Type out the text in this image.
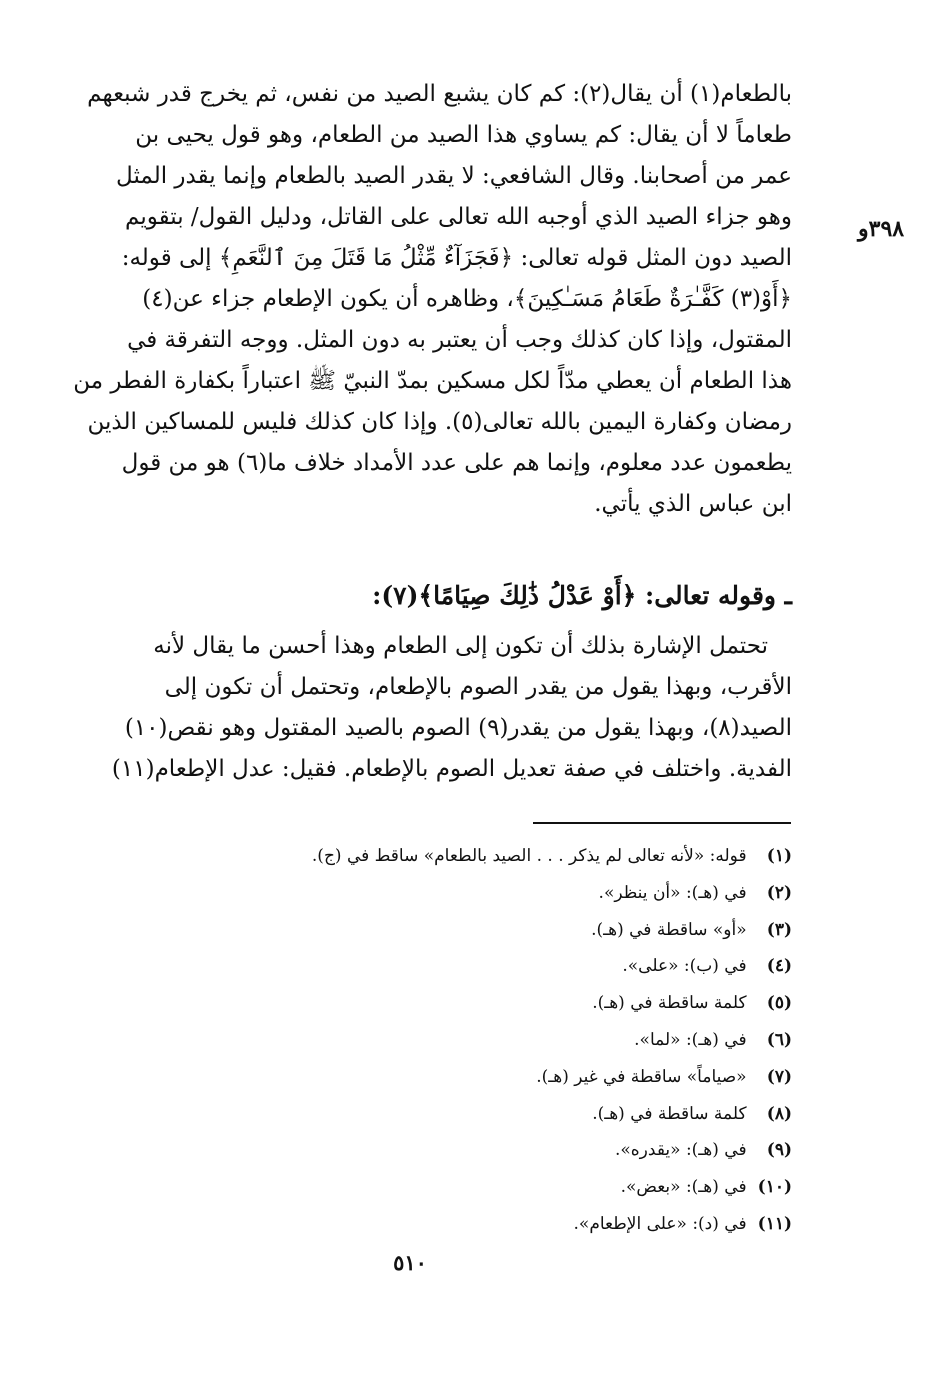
٣٩٨و
بالطعام(١) أن يقال(٢): كم كان يشبع الصيد من نفس، ثم يخرج قدر شبعهم
طعاماً لا أن يقال: كم يساوي هذا الصيد من الطعام، وهو قول يحيى بن
عمر من أصحابنا. وقال الشافعي: لا يقدر الصيد بالطعام وإنما يقدر المثل
وهو جزاء الصيد الذي أوجبه الله تعالى على القاتل، ودليل القول/ بتقويم
الصيد دون المثل قوله تعالى: ﴿فَجَزَآءٌ مِّثْلُ مَا قَتَلَ مِنَ ٱلنَّعَمِ﴾ إلى قوله:
﴿أَوْ(٣) كَفَّـٰرَةٌ طَعَامُ مَسَـٰكِينَ﴾، وظاهره أن يكون الإطعام جزاء عن(٤)
المقتول، وإذا كان كذلك وجب أن يعتبر به دون المثل. ووجه التفرقة في
هذا الطعام أن يعطي مدّاً لكل مسكين بمدّ النبيّ ﷺ اعتباراً بكفارة الفطر من
رمضان وكفارة اليمين بالله تعالى(٥). وإذا كان كذلك فليس للمساكين الذين
يطعمون عدد معلوم، وإنما هم على عدد الأمداد خلاف ما(٦) هو من قول
ابن عباس الذي يأتي.
ـ وقوله تعالى: ﴿أَوْ عَدْلُ ذَٰلِكَ صِيَامًا﴾(٧):
تحتمل الإشارة بذلك أن تكون إلى الطعام وهذا أحسن ما يقال لأنه
الأقرب، وبهذا يقول من يقدر الصوم بالإطعام، وتحتمل أن تكون إلى
الصيد(٨)، وبهذا يقول من يقدر(٩) الصوم بالصيد المقتول وهو نقص(١٠)
الفدية. واختلف في صفة تعديل الصوم بالإطعام. فقيل: عدل الإطعام(١١)
(١) قوله: «لأنه تعالى لم يذكر . . . الصيد بالطعام» ساقط في (ج).
(٢) في (هـ): «أن ينظر».
(٣) «أو» ساقطة في (هـ).
(٤) في (ب): «على».
(٥) كلمة ساقطة في (هـ).
(٦) في (هـ): «لما».
(٧) «صياماً» ساقطة في غير (هـ).
(٨) كلمة ساقطة في (هـ).
(٩) في (هـ): «يقدره».
(١٠) في (هـ): «بعض».
(١١) في (د): «على الإطعام».
٥١٠
